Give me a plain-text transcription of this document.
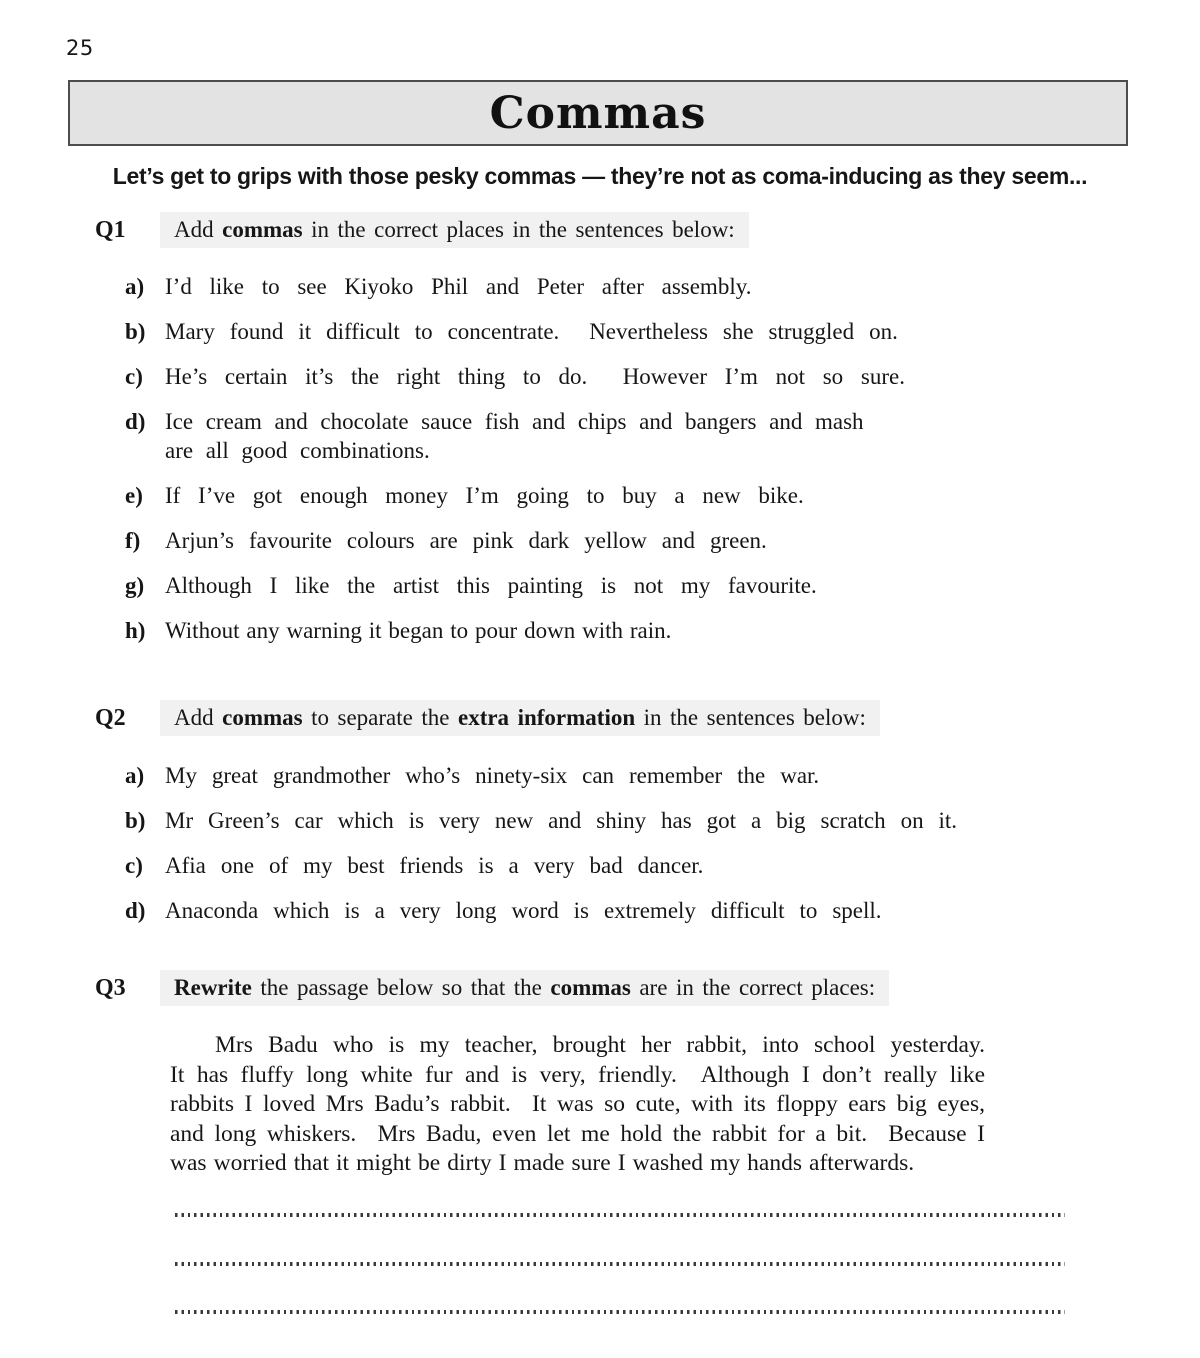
25
Commas
Let’s get to grips with those pesky commas — they’re not as coma-inducing as they seem...
Q1	Add commas in the correct places in the sentences below:
a) I’d like to see Kiyoko Phil and Peter after assembly.
b) Mary found it difficult to concentrate.  Nevertheless she struggled on.
c) He’s certain it’s the right thing to do.  However I’m not so sure.
d) Ice cream and chocolate sauce fish and chips and bangers and mash
are all good combinations.
e) If I’ve got enough money I’m going to buy a new bike.
f)	Arjun’s favourite colours are pink dark yellow and green.
g) Although I like the artist this painting is not my favourite.
h) Without any warning it began to pour down with rain.
Q2	Add commas to separate the extra information in the sentences below:
a) My great grandmother who’s ninety-six can remember the war.
b) Mr Green’s car which is very new and shiny has got a big scratch on it.
c) Afia one of my best friends is a very bad dancer.
d) Anaconda which is a very long word is extremely difficult to spell.
Q3	Rewrite the passage below so that the commas are in the correct places:
Mrs Badu who is my teacher, brought her rabbit, into school yesterday.
It has fluffy long white fur and is very, friendly.  Although I don’t really like
rabbits I loved Mrs Badu’s rabbit.  It was so cute, with its floppy ears big eyes,
and long whiskers.  Mrs Badu, even let me hold the rabbit for a bit.  Because I
was worried that it might be dirty I made sure I washed my hands afterwards.
